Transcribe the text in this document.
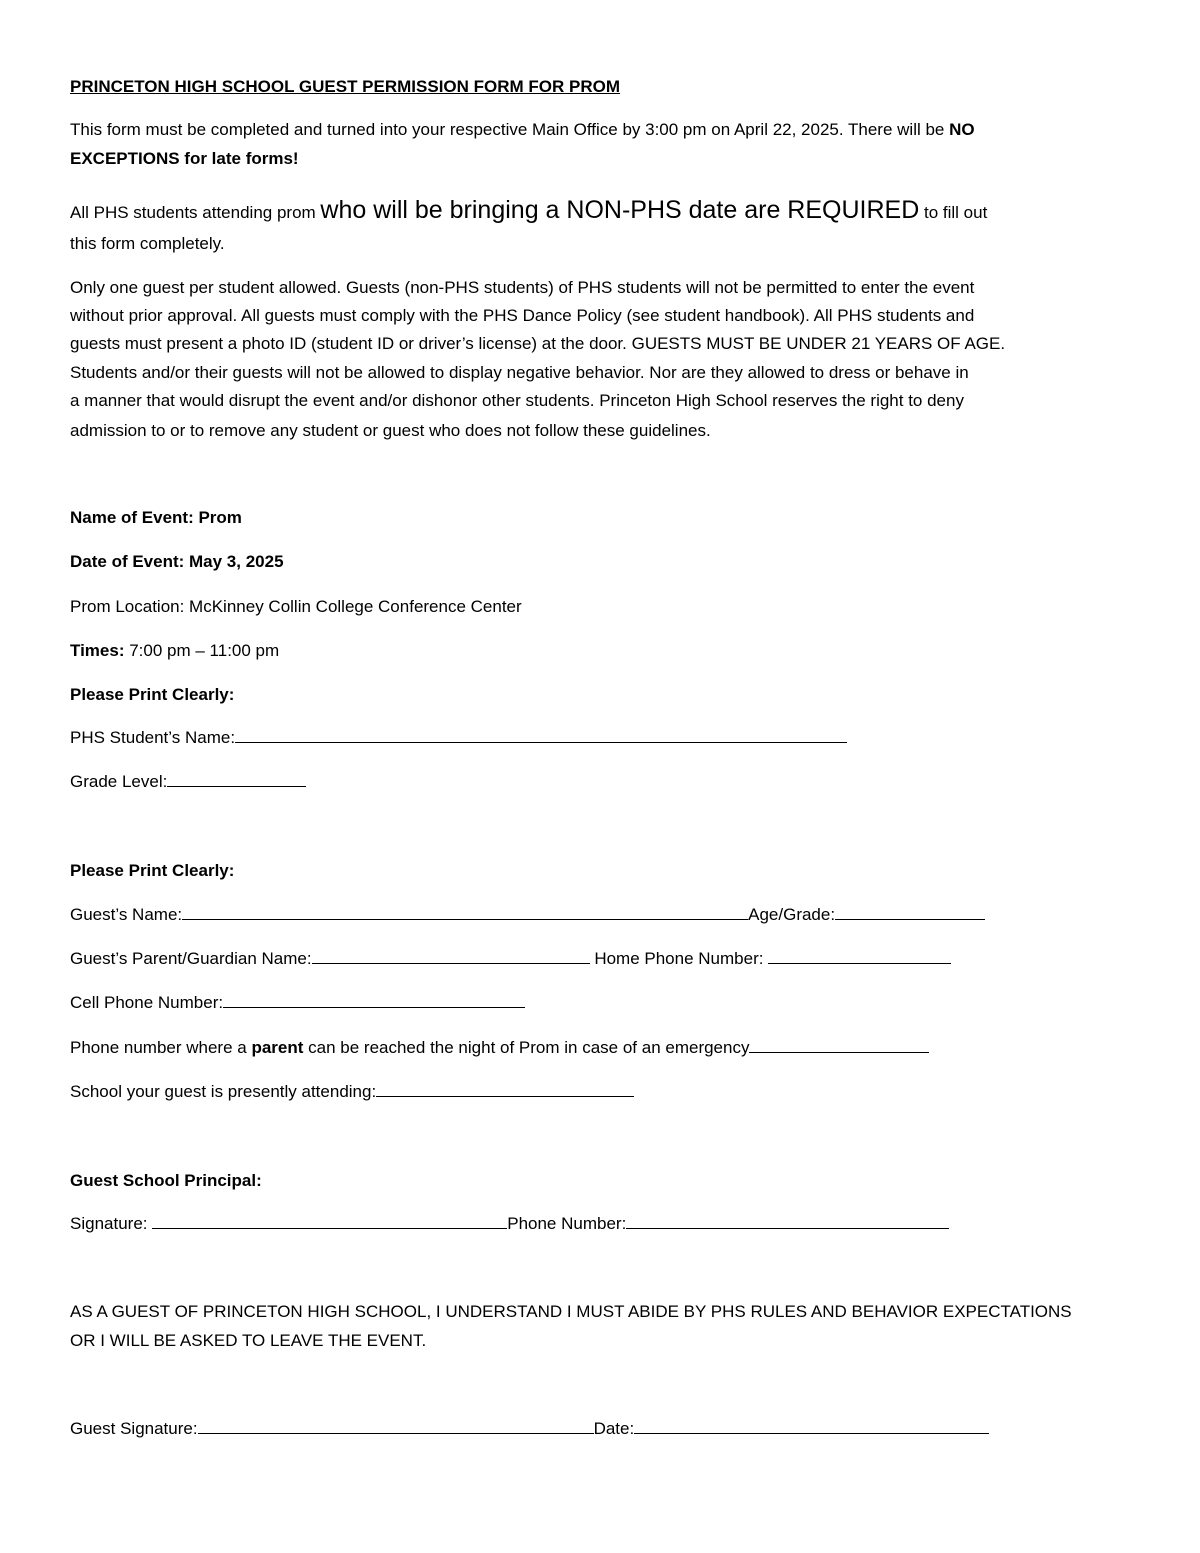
PRINCETON HIGH SCHOOL GUEST PERMISSION FORM FOR PROM
This form must be completed and turned into your respective Main Office by 3:00 pm on April 22, 2025. There will be NO
EXCEPTIONS for late forms!
All PHS students attending prom who will be bringing a NON-PHS date are REQUIRED to fill out
this form completely.
Only one guest per student allowed. Guests (non-PHS students) of PHS students will not be permitted to enter the event
without prior approval. All guests must comply with the PHS Dance Policy (see student handbook). All PHS students and
guests must present a photo ID (student ID or driver’s license) at the door. GUESTS MUST BE UNDER 21 YEARS OF AGE.
Students and/or their guests will not be allowed to display negative behavior. Nor are they allowed to dress or behave in
a manner that would disrupt the event and/or dishonor other students. Princeton High School reserves the right to deny
admission to or to remove any student or guest who does not follow these guidelines.
Name of Event: Prom
Date of Event: May 3, 2025
Prom Location: McKinney Collin College Conference Center
Times: 7:00 pm – 11:00 pm
Please Print Clearly:
PHS Student’s Name:
Grade Level:
Please Print Clearly:
Guest’s Name:	Age/Grade:
Guest’s Parent/Guardian Name:	Home Phone Number:
Cell Phone Number:
Phone number where a parent can be reached the night of Prom in case of an emergency
School your guest is presently attending:
Guest School Principal:
Signature:	Phone Number:
AS A GUEST OF PRINCETON HIGH SCHOOL, I UNDERSTAND I MUST ABIDE BY PHS RULES AND BEHAVIOR EXPECTATIONS
OR I WILL BE ASKED TO LEAVE THE EVENT.
Guest Signature:	Date:
